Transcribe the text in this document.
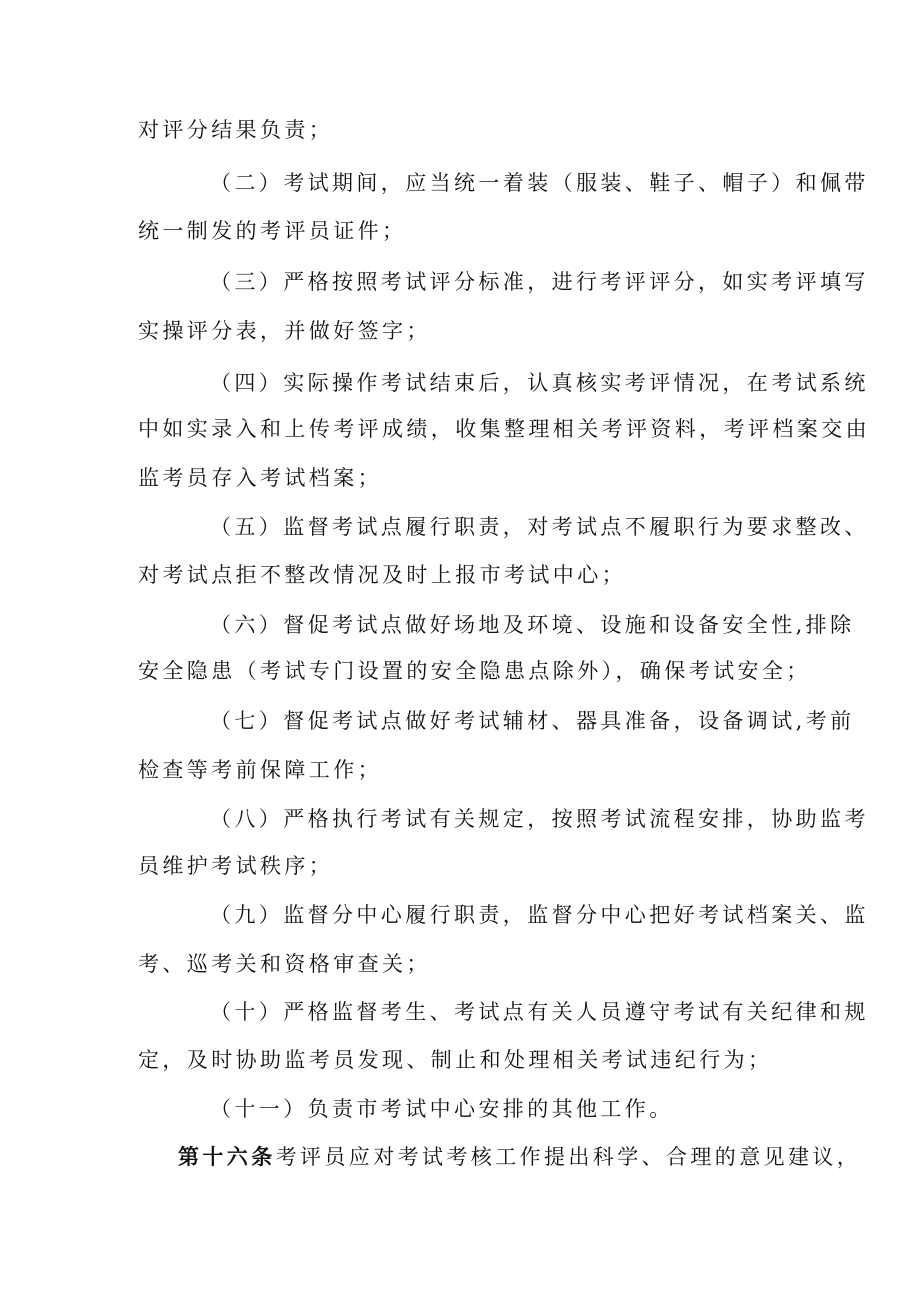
对评分结果负责；
（二）考试期间，应当统一着装（服装、鞋子、帽子）和佩带
统一制发的考评员证件；
（三）严格按照考试评分标准，进行考评评分，如实考评填写
实操评分表，并做好签字；
（四）实际操作考试结束后，认真核实考评情况，在考试系统
中如实录入和上传考评成绩，收集整理相关考评资料，考评档案交由
监考员存入考试档案；
（五）监督考试点履行职责，对考试点不履职行为要求整改、
对考试点拒不整改情况及时上报市考试中心；
（六）督促考试点做好场地及环境、设施和设备安全性,排除
安全隐患（考试专门设置的安全隐患点除外），确保考试安全；
（七）督促考试点做好考试辅材、器具准备，设备调试,考前
检查等考前保障工作；
（八）严格执行考试有关规定，按照考试流程安排，协助监考
员维护考试秩序；
（九）监督分中心履行职责，监督分中心把好考试档案关、监
考、巡考关和资格审查关；
（十）严格监督考生、考试点有关人员遵守考试有关纪律和规
定，及时协助监考员发现、制止和处理相关考试违纪行为；
（十一）负责市考试中心安排的其他工作。
第十六条考评员应对考试考核工作提出科学、合理的意见建议，
